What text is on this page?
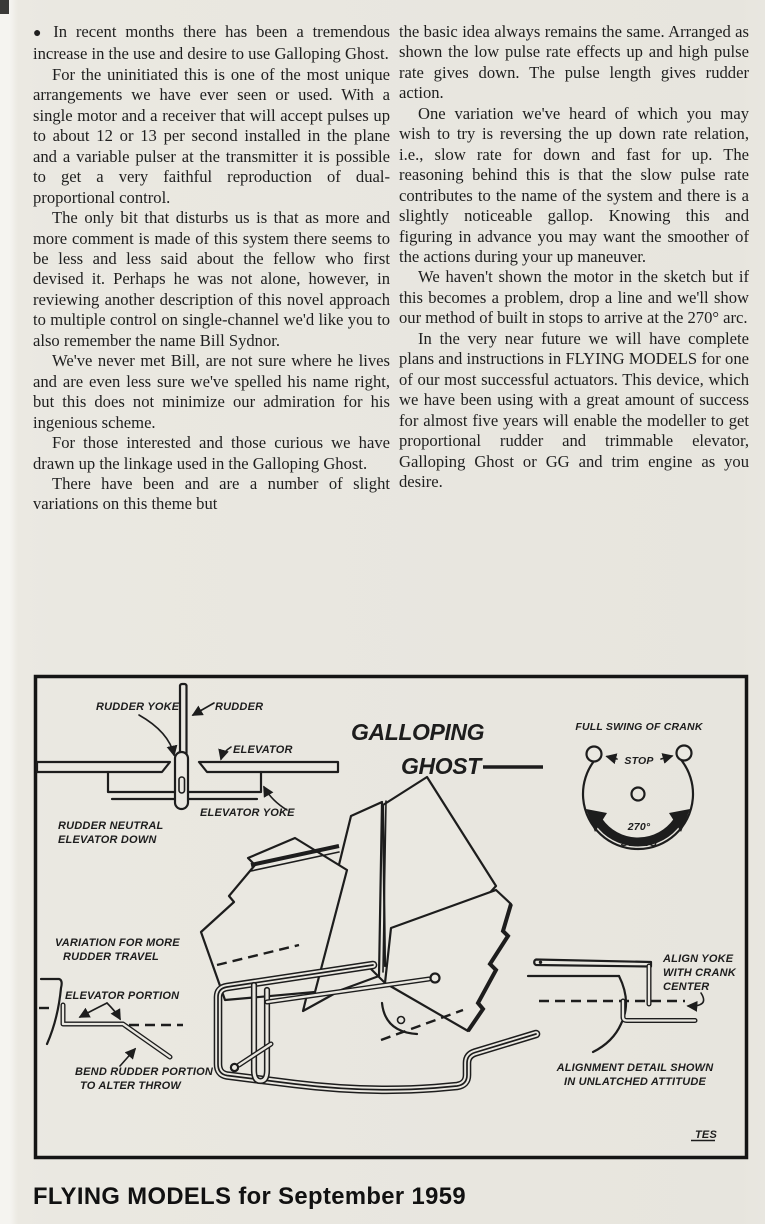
● In recent months there has been a tremendous increase in the use and desire to use Galloping Ghost.

For the uninitiated this is one of the most unique arrangements we have ever seen or used. With a single motor and a receiver that will accept pulses up to about 12 or 13 per second installed in the plane and a variable pulser at the transmitter it is possible to get a very faithful reproduction of dual-proportional control.

The only bit that disturbs us is that as more and more comment is made of this system there seems to be less and less said about the fellow who first devised it. Perhaps he was not alone, however, in reviewing another description of this novel approach to multiple control on single-channel we'd like you to also remember the name Bill Sydnor.

We've never met Bill, are not sure where he lives and are even less sure we've spelled his name right, but this does not minimize our admiration for his ingenious scheme.

For those interested and those curious we have drawn up the linkage used in the Galloping Ghost.

There have been and are a number of slight variations on this theme but

the basic idea always remains the same. Arranged as shown the low pulse rate effects up and high pulse rate gives down. The pulse length gives rudder action.

One variation we've heard of which you may wish to try is reversing the up down rate relation, i.e., slow rate for down and fast for up. The reasoning behind this is that the slow pulse rate contributes to the name of the system and there is a slightly noticeable gallop. Knowing this and figuring in advance you may want the smoother of the actions during your up maneuver.

We haven't shown the motor in the sketch but if this becomes a problem, drop a line and we'll show our method of built in stops to arrive at the 270° arc.

In the very near future we will have complete plans and instructions in FLYING MODELS for one of our most successful actuators. This device, which we have been using with a great amount of success for almost five years will enable the modeller to get proportional rudder and trimmable elevator, Galloping Ghost or GG and trim engine as you desire.

RUDDER YOKE	RUDDER
ELEVATOR
ELEVATOR YOKE
RUDDER NEUTRAL
ELEVATOR DOWN
GALLOPING
GHOST
FULL SWING OF CRANK
STOP
270°
SWING
VARIATION FOR MORE
RUDDER TRAVEL
ELEVATOR PORTION
BEND RUDDER PORTION
TO ALTER THROW
ALIGN YOKE
WITH CRANK
CENTER
ALIGNMENT DETAIL SHOWN
IN UNLATCHED ATTITUDE
TES
FLYING MODELS for September 1959
